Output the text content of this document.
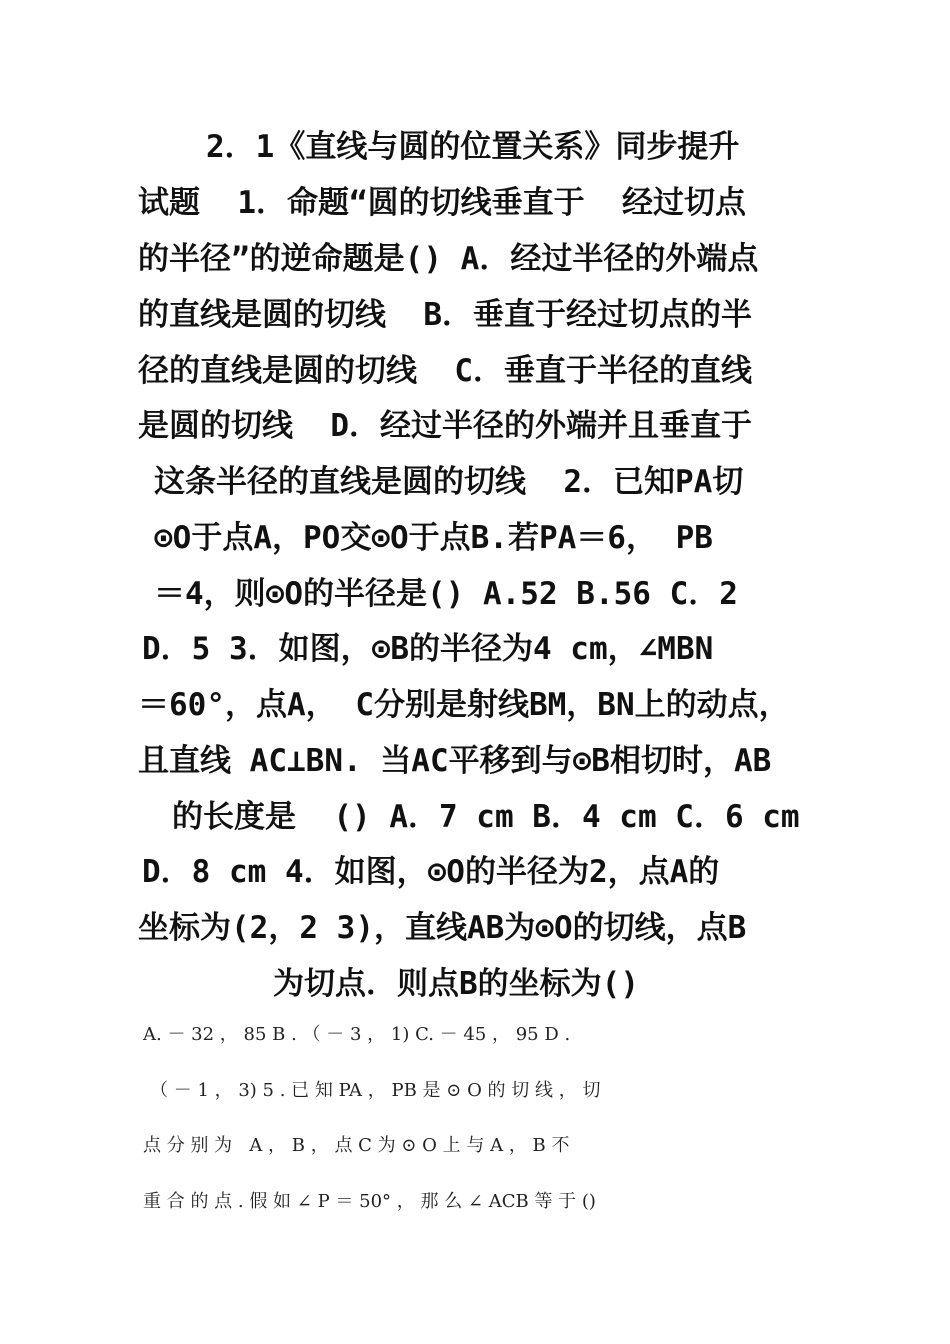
2．1《直线与圆的位置关系》同步提升
试题  1．命题“圆的切线垂直于  经过切点
的半径”的逆命题是() A．经过半径的外端点
的直线是圆的切线  B．垂直于经过切点的半
径的直线是圆的切线  C．垂直于半径的直线
是圆的切线  D．经过半径的外端并且垂直于
这条半径的直线是圆的切线  2．已知PA切
⊙O于点A，PO交⊙O于点B.若PA＝6， PB
＝4，则⊙O的半径是() A.52 B.56 C．2
D．5 3．如图，⊙B的半径为4 cm，∠MBN
＝60°，点A， C分别是射线BM，BN上的动点，
且直线 AC⊥BN. 当AC平移到与⊙B相切时，AB
的长度是  () A．7 cm B．4 cm C．6 cm
D．8 cm 4．如图，⊙O的半径为2，点A的
坐标为(2，2 3)，直线AB为⊙O的切线，点B
为切点．则点B的坐标为()
A. － 32 ， 85 B . （ － 3 ， 1) C. － 45 ， 95 D .
（ － 1 ， 3) 5 . 已 知 PA ， PB 是 ⊙ O 的 切 线 ， 切
点 分 别 为   A ， B ， 点 C 为 ⊙ O 上 与 A ， B 不
重 合 的 点 . 假 如 ∠ P ＝ 50° ， 那 么 ∠ ACB 等 于 ()
